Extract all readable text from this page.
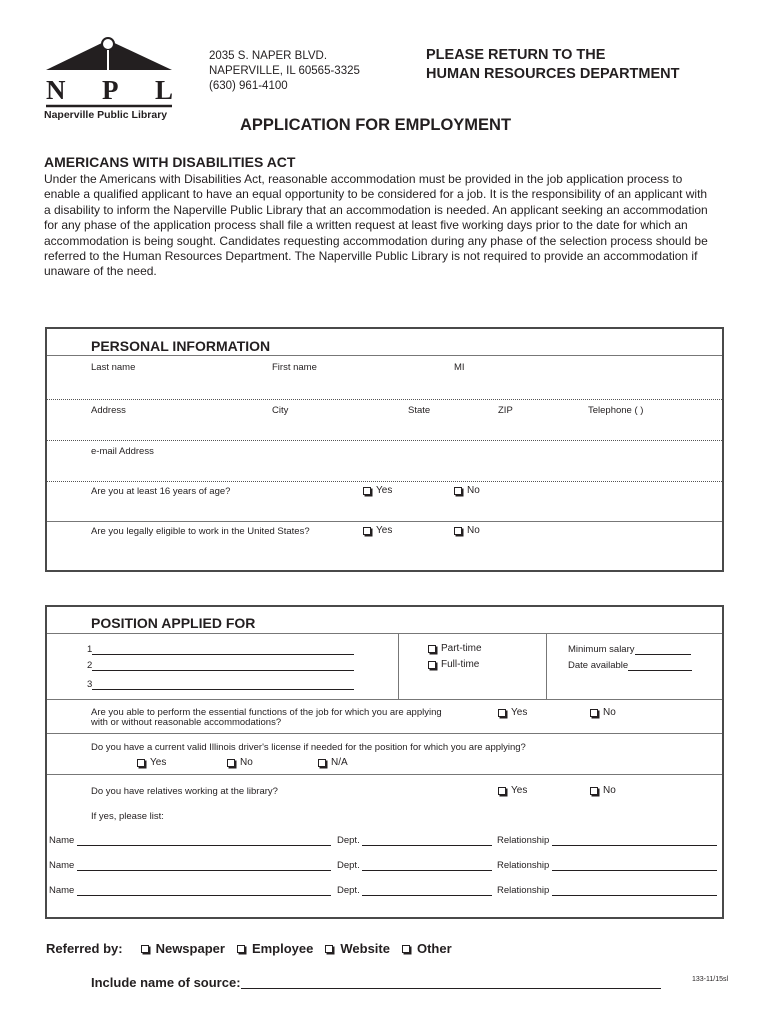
N P L
Naperville Public Library
2035 S. NAPER BLVD.
NAPERVILLE, IL 60565-3325
(630) 961-4100
PLEASE RETURN TO THE
HUMAN RESOURCES DEPARTMENT
APPLICATION FOR EMPLOYMENT
AMERICANS WITH DISABILITIES ACT
Under the Americans with Disabilities Act, reasonable accommodation must be provided in the job application process to
enable a qualified applicant to have an equal opportunity to be considered for a job. It is the responsibility of an applicant with
a disability to inform the Naperville Public Library that an accommodation is needed. An applicant seeking an accommodation
for any phase of the application process shall file a written request at least five working days prior to the date for which an
accommodation is being sought. Candidates requesting accommodation during any phase of the selection process should be
referred to the Human Resources Department. The Naperville Public Library is not required to provide an accommodation if
unaware of the need.
PERSONAL INFORMATION
Last name	First name	MI
Address	City	State	ZIP	Telephone ( )
e-mail Address
Are you at least 16 years of age?	Yes	No
Are you legally eligible to work in the United States?	Yes	No
POSITION APPLIED FOR
1
2
3
Part-time
Full-time
Minimum salary
Date available
Are you able to perform the essential functions of the job for which you are applying
with or without reasonable accommodations?
Yes	No
Do you have a current valid Illinois driver's license if needed for the position for which you are applying?
Yes	No	N/A
Do you have relatives working at the library?	Yes	No
If yes, please list:
Name	Dept.	Relationship
Name	Dept.	Relationship
Name	Dept.	Relationship
Referred by:	Newspaper Employee Website Other
Include name of source:	133-11/15sl
